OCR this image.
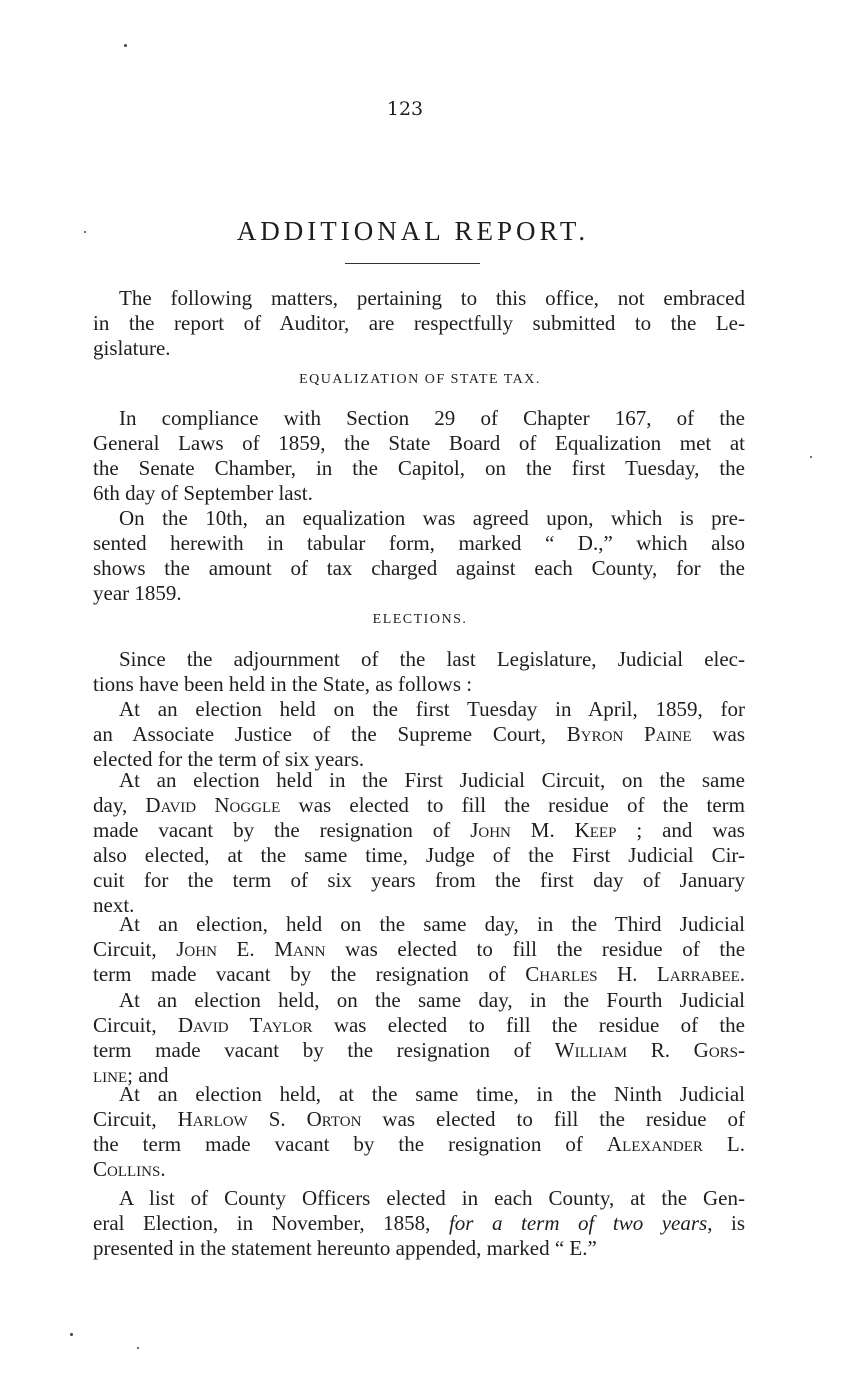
123
ADDITIONAL REPORT.
The following matters, pertaining to this office, not embraced
in the report of Auditor, are respectfully submitted to the Le-
gislature.
EQUALIZATION OF STATE TAX.
In compliance with Section 29 of Chapter 167, of the
General Laws of 1859, the State Board of Equalization met at
the Senate Chamber, in the Capitol, on the first Tuesday, the
6th day of September last.
On the 10th, an equalization was agreed upon, which is pre-
sented herewith in tabular form, marked “ D.,” which also
shows the amount of tax charged against each County, for the
year 1859.
ELECTIONS.
Since the adjournment of the last Legislature, Judicial elec-
tions have been held in the State, as follows :
At an election held on the first Tuesday in April, 1859, for
an Associate Justice of the Supreme Court, Byron Paine was
elected for the term of six years.
At an election held in the First Judicial Circuit, on the same
day, David Noggle was elected to fill the residue of the term
made vacant by the resignation of John M. Keep ; and was
also elected, at the same time, Judge of the First Judicial Cir-
cuit for the term of six years from the first day of January
next.
At an election, held on the same day, in the Third Judicial
Circuit, John E. Mann was elected to fill the residue of the
term made vacant by the resignation of Charles H. Larrabee.
At an election held, on the same day, in the Fourth Judicial
Circuit, David Taylor was elected to fill the residue of the
term made vacant by the resignation of William R. Gors-
line; and
At an election held, at the same time, in the Ninth Judicial
Circuit, Harlow S. Orton was elected to fill the residue of
the term made vacant by the resignation of Alexander L.
Collins.
A list of County Officers elected in each County, at the Gen-
eral Election, in November, 1858, for a term of two years, is
presented in the statement hereunto appended, marked “ E.”
